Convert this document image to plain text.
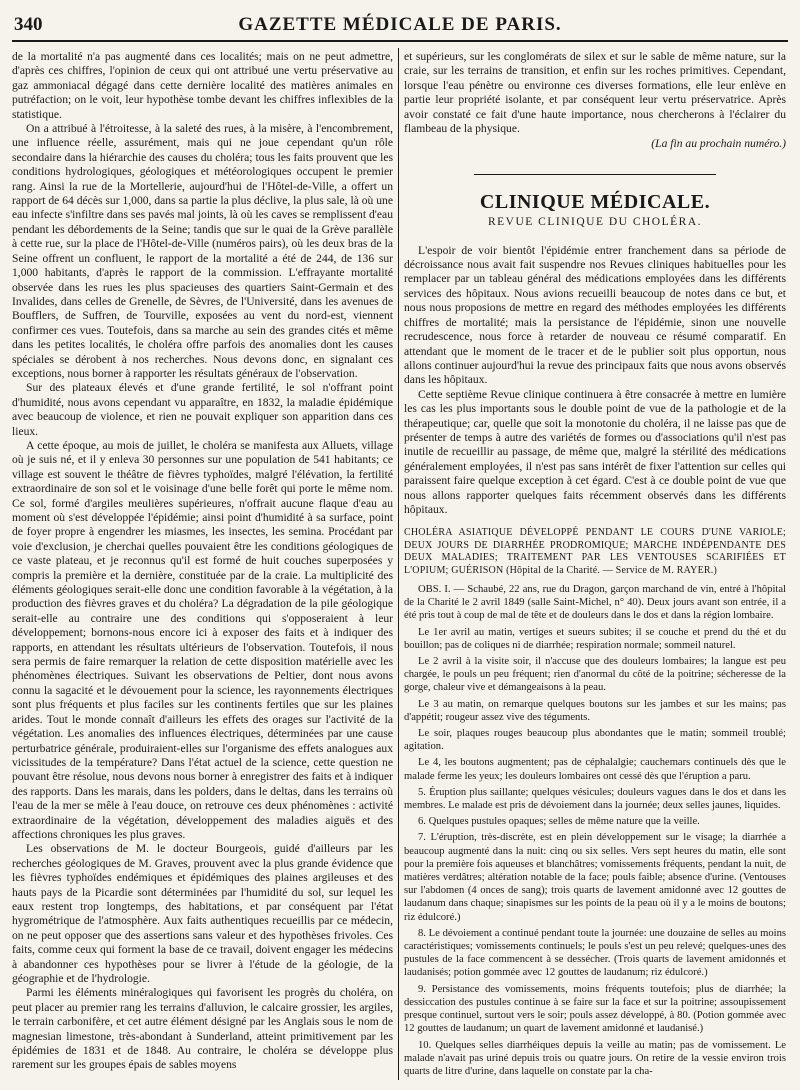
340	GAZETTE MÉDICALE DE PARIS.

de la mortalité n'a pas augmenté dans ces localités; mais on ne peut admettre, d'après ces chiffres, l'opinion de ceux qui ont attribué une vertu préservative au gaz ammoniacal dégagé dans cette dernière localité des matières animales en putréfaction; on le voit, leur hypothèse tombe devant les chiffres inflexibles de la statistique.

On a attribué à l'étroitesse, à la saleté des rues, à la misère, à l'encombrement, une influence réelle, assurément, mais qui ne joue cependant qu'un rôle secondaire dans la hiérarchie des causes du choléra; tous les faits prouvent que les conditions hydrologiques, géologiques et météorologiques occupent le premier rang. Ainsi la rue de la Mortellerie, aujourd'hui de l'Hôtel-de-Ville, a offert un rapport de 64 décès sur 1,000, dans sa partie la plus déclive, la plus sale, là où une eau infecte s'infiltre dans ses pavés mal joints, là où les caves se remplissent d'eau pendant les débordements de la Seine; tandis que sur le quai de la Grève parallèle à cette rue, sur la place de l'Hôtel-de-Ville (numéros pairs), où les deux bras de la Seine offrent un confluent, le rapport de la mortalité a été de 244, de 136 sur 1,000 habitants, d'après le rapport de la commission. L'effrayante mortalité observée dans les rues les plus spacieuses des quartiers Saint-Germain et des Invalides, dans celles de Grenelle, de Sèvres, de l'Université, dans les avenues de Boufflers, de Suffren, de Tourville, exposées au vent du nord-est, viennent confirmer ces vues. Toutefois, dans sa marche au sein des grandes cités et même dans les petites localités, le choléra offre parfois des anomalies dont les causes spéciales se dérobent à nos recherches. Nous devons donc, en signalant ces exceptions, nous borner à rapporter les résultats généraux de l'observation.

Sur des plateaux élevés et d'une grande fertilité, le sol n'offrant point d'humidité, nous avons cependant vu apparaître, en 1832, la maladie épidémique avec beaucoup de violence, et rien ne pouvait expliquer son apparition dans ces lieux.

A cette époque, au mois de juillet, le choléra se manifesta aux Alluets, village où je suis né, et il y enleva 30 personnes sur une population de 541 habitants; ce village est souvent le théâtre de fièvres typhoïdes, malgré l'élévation, la fertilité extraordinaire de son sol et le voisinage d'une belle forêt qui porte le même nom. Ce sol, formé d'argiles meulières supérieures, n'offrait aucune flaque d'eau au moment où s'est développée l'épidémie; ainsi point d'humidité à sa surface, point de foyer propre à engendrer les miasmes, les insectes, les semina. Procédant par voie d'exclusion, je cherchai quelles pouvaient être les conditions géologiques de ce vaste plateau, et je reconnus qu'il est formé de huit couches superposées y compris la première et la dernière, constituée par de la craie. La multiplicité des éléments géologiques serait-elle donc une condition favorable à la végétation, à la production des fièvres graves et du choléra? La dégradation de la pile géologique serait-elle au contraire une des conditions qui s'opposeraient à leur développement; bornons-nous encore ici à exposer des faits et à indiquer des rapports, en attendant les résultats ultérieurs de l'observation. Toutefois, il nous sera permis de faire remarquer la relation de cette disposition matérielle avec les phénomènes électriques. Suivant les observations de Peltier, dont nous avons connu la sagacité et le dévouement pour la science, les rayonnements électriques sont plus fréquents et plus faciles sur les continents fertiles que sur les plaines arides. Tout le monde connaît d'ailleurs les effets des orages sur l'activité de la végétation. Les anomalies des influences électriques, déterminées par une cause perturbatrice générale, produiraient-elles sur l'organisme des effets analogues aux vicissitudes de la température? Dans l'état actuel de la science, cette question ne pouvant être résolue, nous devons nous borner à enregistrer des faits et à indiquer des rapports. Dans les marais, dans les polders, dans le deltas, dans les terrains où l'eau de la mer se mêle à l'eau douce, on retrouve ces deux phénomènes : activité extraordinaire de la végétation, développement des maladies aiguës et des affections chroniques les plus graves.

Les observations de M. le docteur Bourgeois, guidé d'ailleurs par les recherches géologiques de M. Graves, prouvent avec la plus grande évidence que les fièvres typhoïdes endémiques et épidémiques des plaines argileuses et des hauts pays de la Picardie sont déterminées par l'humidité du sol, sur lequel les eaux restent trop longtemps, des habitations, et par conséquent par l'état hygrométrique de l'atmosphère. Aux faits authentiques recueillis par ce médecin, on ne peut opposer que des assertions sans valeur et des hypothèses frivoles. Ces faits, comme ceux qui forment la base de ce travail, doivent engager les médecins à abandonner ces hypothèses pour se livrer à l'étude de la géologie, de la géographie et de l'hydrologie.

Parmi les éléments minéralogiques qui favorisent les progrès du choléra, on peut placer au premier rang les terrains d'alluvion, le calcaire grossier, les argiles, le terrain carbonifère, et cet autre élément désigné par les Anglais sous le nom de magnesian limestone, très-abondant à Sunderland, atteint primitivement par les épidémies de 1831 et de 1848. Au contraire, le choléra se développe plus rarement sur les groupes épais de sables moyens

et supérieurs, sur les conglomérats de silex et sur le sable de même nature, sur la craie, sur les terrains de transition, et enfin sur les roches primitives. Cependant, lorsque l'eau pénètre ou environne ces diverses formations, elle leur enlève en partie leur propriété isolante, et par conséquent leur vertu préservatrice. Après avoir constaté ce fait d'une haute importance, nous chercherons à l'éclairer du flambeau de la physique.

(La fin au prochain numéro.)
CLINIQUE MÉDICALE.
REVUE CLINIQUE DU CHOLÉRA.

L'espoir de voir bientôt l'épidémie entrer franchement dans sa période de décroissance nous avait fait suspendre nos Revues cliniques habituelles pour les remplacer par un tableau général des médications employées dans les différents services des hôpitaux. Nous avions recueilli beaucoup de notes dans ce but, et nous nous proposions de mettre en regard des méthodes employées les différents chiffres de mortalité; mais la persistance de l'épidémie, sinon une nouvelle recrudescence, nous force à retarder de nouveau ce résumé comparatif. En attendant que le moment de le tracer et de le publier soit plus opportun, nous allons continuer aujourd'hui la revue des principaux faits que nous avons observés dans les hôpitaux.

Cette septième Revue clinique continuera à être consacrée à mettre en lumière les cas les plus importants sous le double point de vue de la pathologie et de la thérapeutique; car, quelle que soit la monotonie du choléra, il ne laisse pas que de présenter de temps à autre des variétés de formes ou d'associations qu'il n'est pas inutile de recueillir au passage, de même que, malgré la stérilité des médications généralement employées, il n'est pas sans intérêt de fixer l'attention sur celles qui paraissent faire quelque exception à cet égard. C'est à ce double point de vue que nous allons rapporter quelques faits récemment observés dans les différents hôpitaux.

CHOLÉRA ASIATIQUE DÉVELOPPÉ PENDANT LE COURS D'UNE VARIOLE; DEUX JOURS DE DIARRHÉE PRODROMIQUE; MARCHE INDÉPENDANTE DES DEUX MALADIES; TRAITEMENT PAR LES VENTOUSES SCARIFIÉES ET L'OPIUM; GUÉRISON (Hôpital de la Charité. — Service de M. RAYER.)

OBS. I. — Schaubé, 22 ans, rue du Dragon, garçon marchand de vin, entré à l'hôpital de la Charité le 2 avril 1849 (salle Saint-Michel, n° 40). Deux jours avant son entrée, il a été pris tout à coup de mal de tête et de douleurs dans le dos et dans la région lombaire.

Le 1er avril au matin, vertiges et sueurs subites; il se couche et prend du thé et du bouillon; pas de coliques ni de diarrhée; respiration normale; sommeil naturel.

Le 2 avril à la visite soir, il n'accuse que des douleurs lombaires; la langue est peu chargée, le pouls un peu fréquent; rien d'anormal du côté de la poitrine; sécheresse de la gorge, chaleur vive et démangeaisons à la peau.

Le 3 au matin, on remarque quelques boutons sur les jambes et sur les mains; pas d'appétit; rougeur assez vive des téguments.

Le soir, plaques rouges beaucoup plus abondantes que le matin; sommeil troublé; agitation.

Le 4, les boutons augmentent; pas de céphalalgie; cauchemars continuels dès que le malade ferme les yeux; les douleurs lombaires ont cessé dès que l'éruption a paru.

5. Éruption plus saillante; quelques vésicules; douleurs vagues dans le dos et dans les membres. Le malade est pris de dévoiement dans la journée; deux selles jaunes, liquides.

6. Quelques pustules opaques; selles de même nature que la veille.

7. L'éruption, très-discrète, est en plein développement sur le visage; la diarrhée a beaucoup augmenté dans la nuit: cinq ou six selles. Vers sept heures du matin, elle sont pour la première fois aqueuses et blanchâtres; vomissements fréquents, pendant la nuit, de matières verdâtres; altération notable de la face; pouls faible; absence d'urine. (Ventouses sur l'abdomen (4 onces de sang); trois quarts de lavement amidonné avec 12 gouttes de laudanum dans chaque; sinapismes sur les points de la peau où il y a le moins de boutons; riz édulcoré.)

8. Le dévoiement a continué pendant toute la journée: une douzaine de selles au moins caractéristiques; vomissements continuels; le pouls s'est un peu relevé; quelques-unes des pustules de la face commencent à se dessécher. (Trois quarts de lavement amidonnés et laudanisés; potion gommée avec 12 gouttes de laudanum; riz édulcoré.)

9. Persistance des vomissements, moins fréquents toutefois; plus de diarrhée; la dessiccation des pustules continue à se faire sur la face et sur la poitrine; assoupissement presque continuel, surtout vers le soir; pouls assez développé, à 80. (Potion gommée avec 12 gouttes de laudanum; un quart de lavement amidonné et laudanisé.)

10. Quelques selles diarrhéiques depuis la veille au matin; pas de vomissement. Le malade n'avait pas uriné depuis trois ou quatre jours. On retire de la vessie environ trois quarts de litre d'urine, dans laquelle on constate par la cha-
